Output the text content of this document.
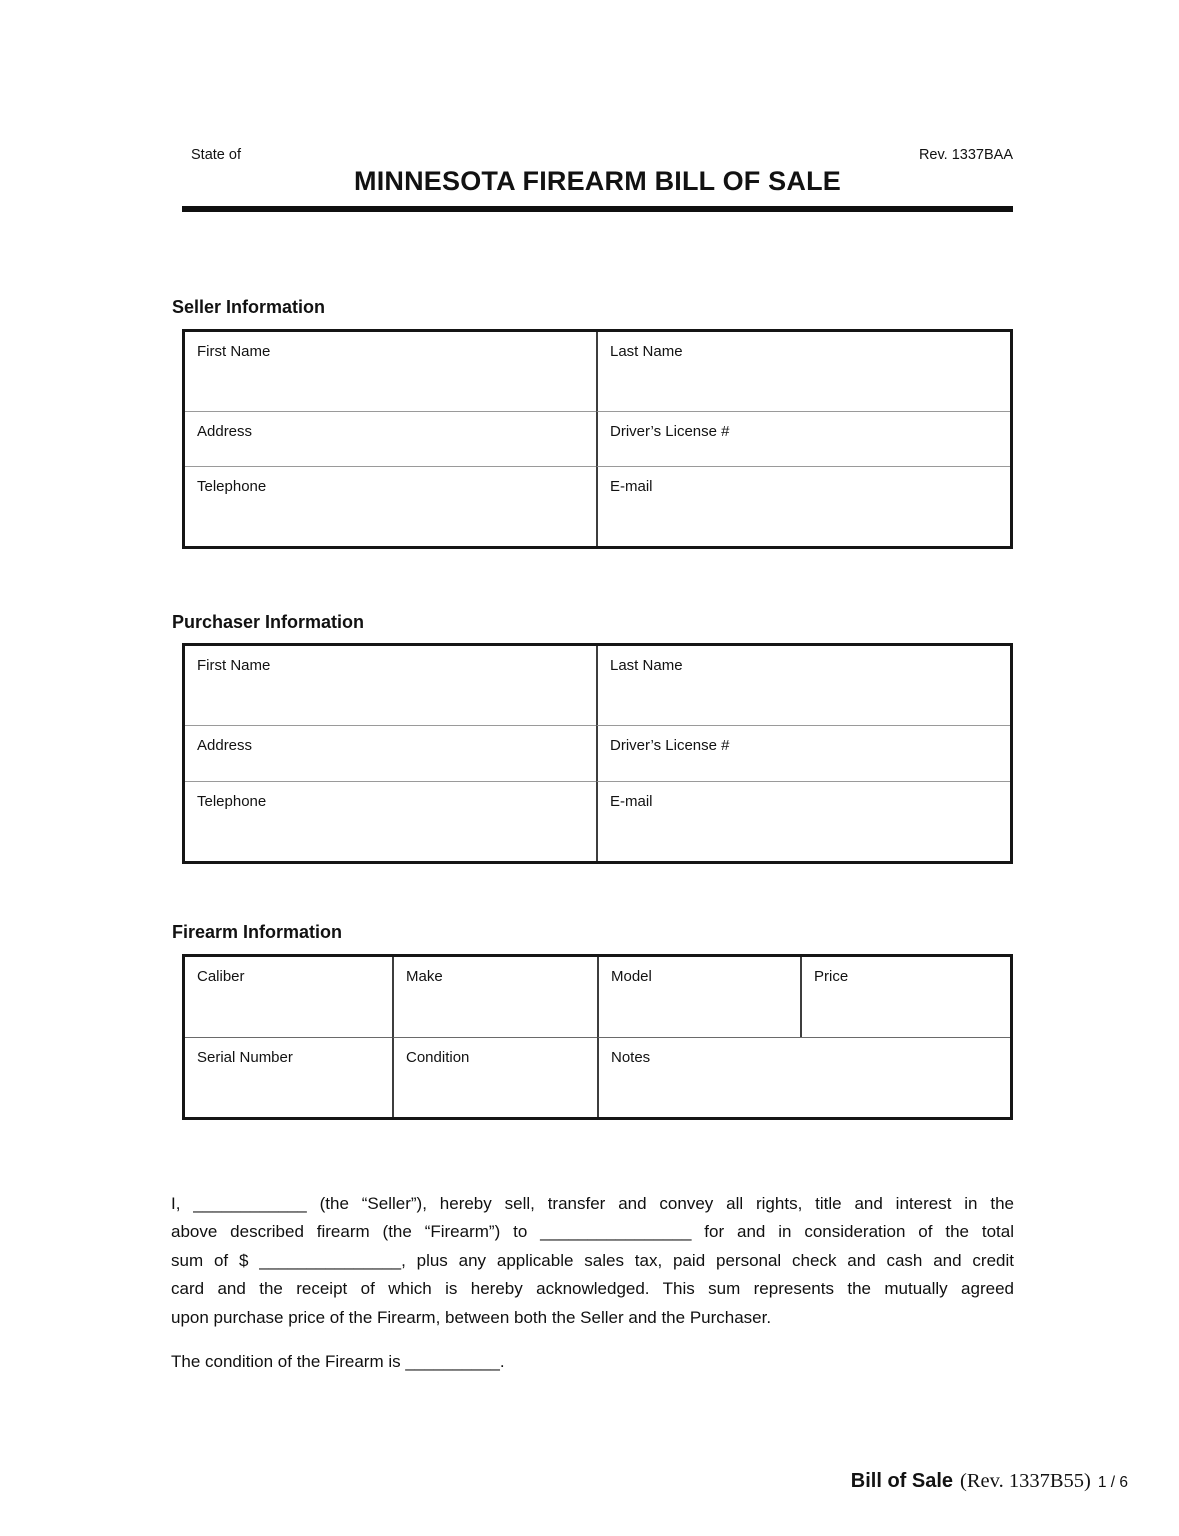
State of	Rev. 1337BAA
MINNESOTA FIREARM BILL OF SALE
Seller Information
First Name	Last Name
Address	Driver’s License #
Telephone	E-mail
Purchaser Information
First Name	Last Name
Address	Driver’s License #
Telephone	E-mail
Firearm Information
Caliber	Make	Model	Price
Serial Number	Condition	Notes
I, ____________ (the “Seller”), hereby sell, transfer and convey all rights, title and interest in the
above described firearm (the “Firearm”) to ________________ for and in consideration of the total
sum of $ _______________, plus any applicable sales tax, paid personal check and cash and credit
card and the receipt of which is hereby acknowledged. This sum represents the mutually agreed
upon purchase price of the Firearm, between both the Seller and the Purchaser.
The condition of the Firearm is __________.
Bill of Sale (Rev. 1337B55) 1 / 6
